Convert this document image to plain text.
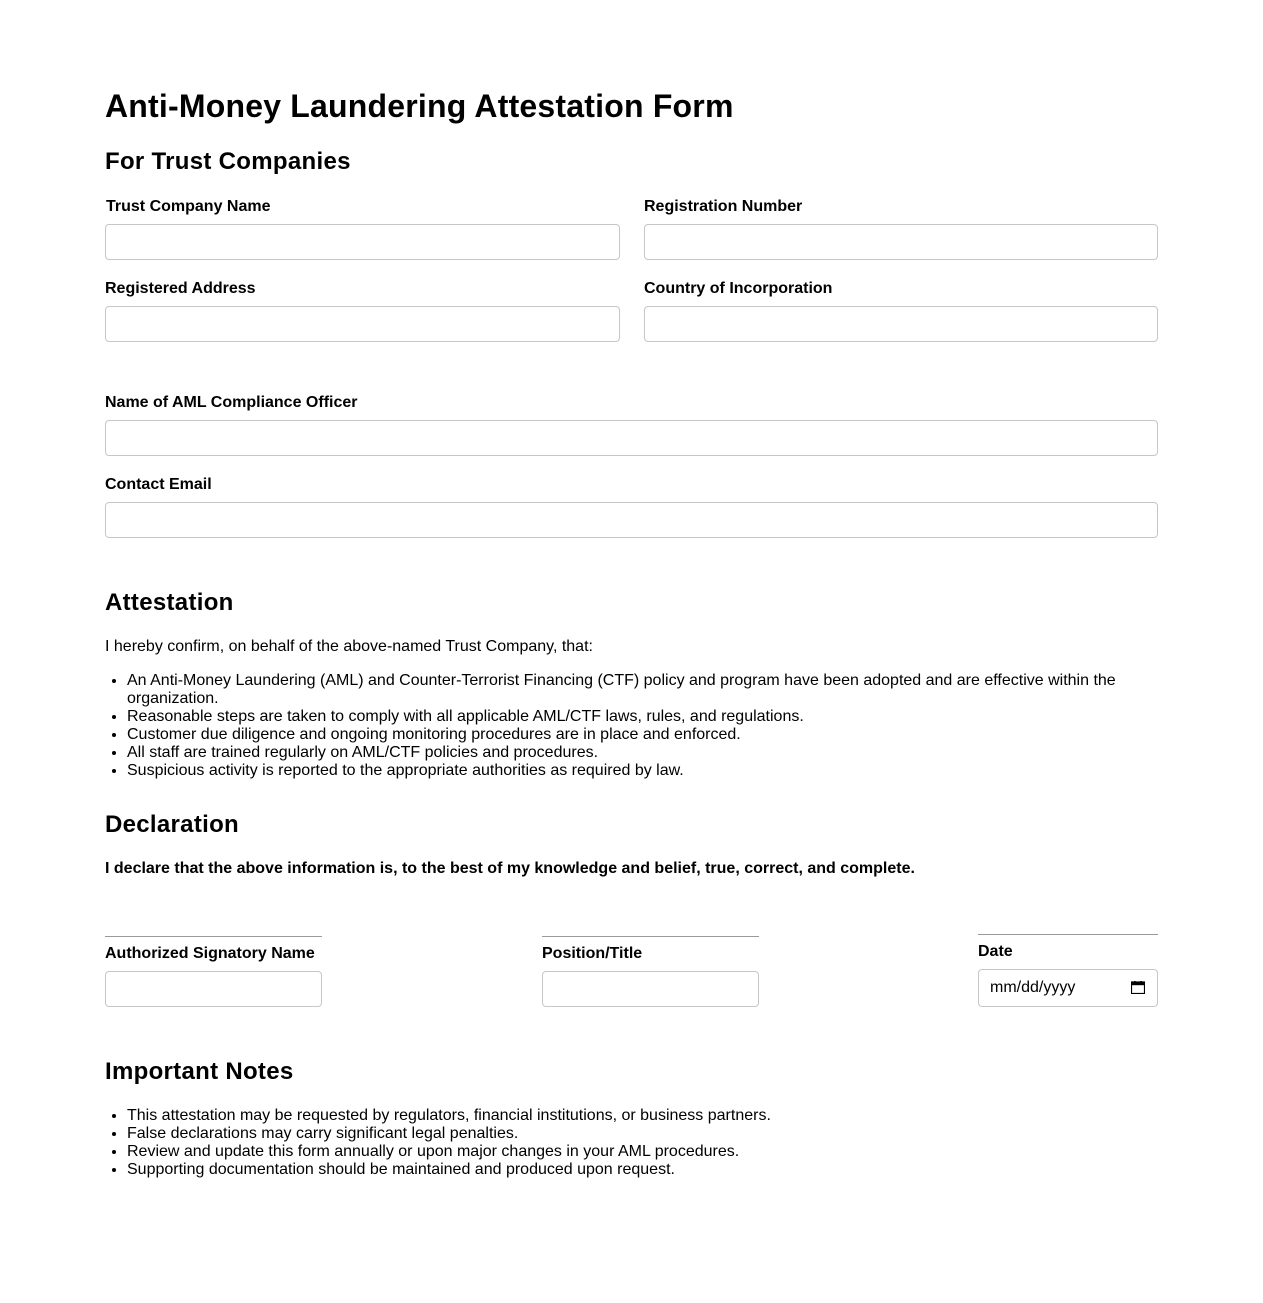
Anti-Money Laundering Attestation Form
For Trust Companies
Trust Company Name	Registration Number
Registered Address	Country of Incorporation
Name of AML Compliance Officer
Contact Email
Attestation
I hereby confirm, on behalf of the above-named Trust Company, that:
• An Anti-Money Laundering (AML) and Counter-Terrorist Financing (CTF) policy and program have been adopted and are effective within the organization.
• Reasonable steps are taken to comply with all applicable AML/CTF laws, rules, and regulations.
• Customer due diligence and ongoing monitoring procedures are in place and enforced.
• All staff are trained regularly on AML/CTF policies and procedures.
• Suspicious activity is reported to the appropriate authorities as required by law.
Declaration
I declare that the above information is, to the best of my knowledge and belief, true, correct, and complete.
Authorized Signatory Name	Position/Title	Date
mm/dd/yyyy
Important Notes
• This attestation may be requested by regulators, financial institutions, or business partners.
• False declarations may carry significant legal penalties.
• Review and update this form annually or upon major changes in your AML procedures.
• Supporting documentation should be maintained and produced upon request.
